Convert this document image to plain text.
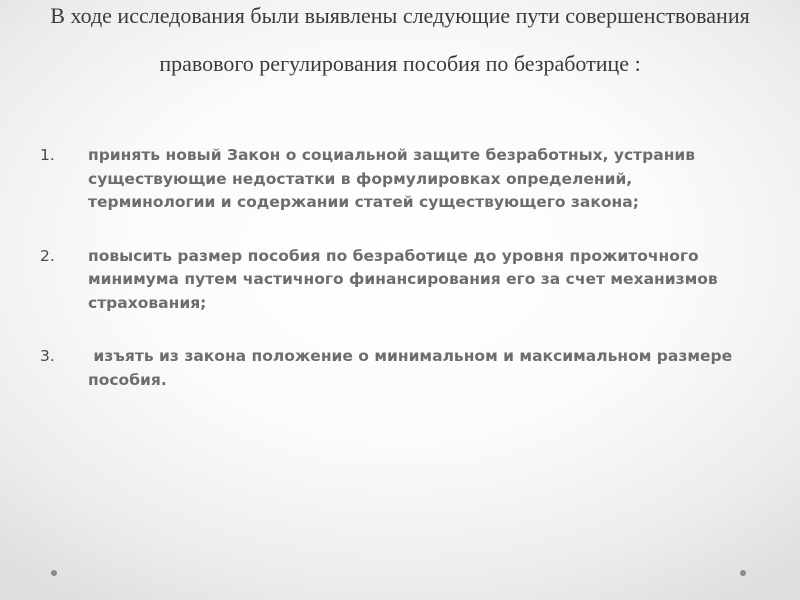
В ходе исследования были выявлены следующие пути совершенствования правового регулирования пособия по безработице :
1. принять новый Закон о социальной защите безработных, устранив существующие недостатки в формулировках определений, терминологии и содержании статей существующего закона;
2. повысить размер пособия по безработице до уровня прожиточного минимума путем частичного финансирования его за счет механизмов страхования;
3. изъять из закона положение о минимальном и максимальном размере пособия.
